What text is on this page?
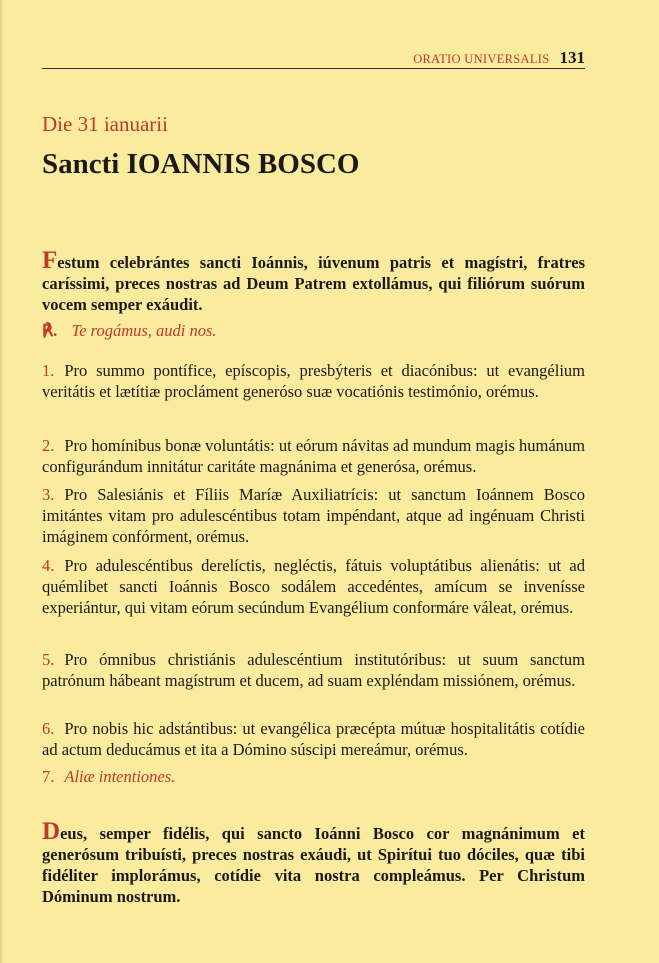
ORATIO UNIVERSALIS 131
Die 31 ianuarii
Sancti IOANNIS BOSCO

Festum celebrántes sancti Ioánnis, iúvenum patris et magístri, fratres caríssimi, preces nostras ad Deum Patrem extollámus, qui filiórum suórum vocem semper exáudit.

℟. Te rogámus, audi nos.

1. Pro summo pontífice, epíscopis, presbýteris et diacónibus: ut evangélium veritátis et lætítiæ procláment generóso suæ vocatiónis testimónio, orémus.

2. Pro homínibus bonæ voluntátis: ut eórum návitas ad mundum magis humánum configurándum innitátur caritáte magnánima et generósa, orémus.

3. Pro Salesiánis et Fíliis Maríæ Auxiliatrícis: ut sanctum Ioánnem Bosco imitántes vitam pro adulescéntibus totam impéndant, atque ad ingénuam Christi imáginem confórment, orémus.

4. Pro adulescéntibus derelíctis, negléctis, fátuis voluptátibus alienátis: ut ad quémlibet sancti Ioánnis Bosco sodálem accedéntes, amícum se invenísse experiántur, qui vitam eórum secúndum Evangélium conformáre váleat, orémus.

5. Pro ómnibus christiánis adulescéntium institutóribus: ut suum sanctum patrónum hábeant magístrum et ducem, ad suam expléndam missiónem, orémus.

6. Pro nobis hic adstántibus: ut evangélica præcépta mútuæ hospitalitátis cotídie ad actum deducámus et ita a Dómino súscipi mereámur, orémus.

7. Aliæ intentiones.

Deus, semper fidélis, qui sancto Ioánni Bosco cor magnánimum et generósum tribuísti, preces nostras exáudi, ut Spirítui tuo dóciles, quæ tibi fidéliter implorámus, cotídie vita nostra compleámus. Per Christum Dóminum nostrum.
